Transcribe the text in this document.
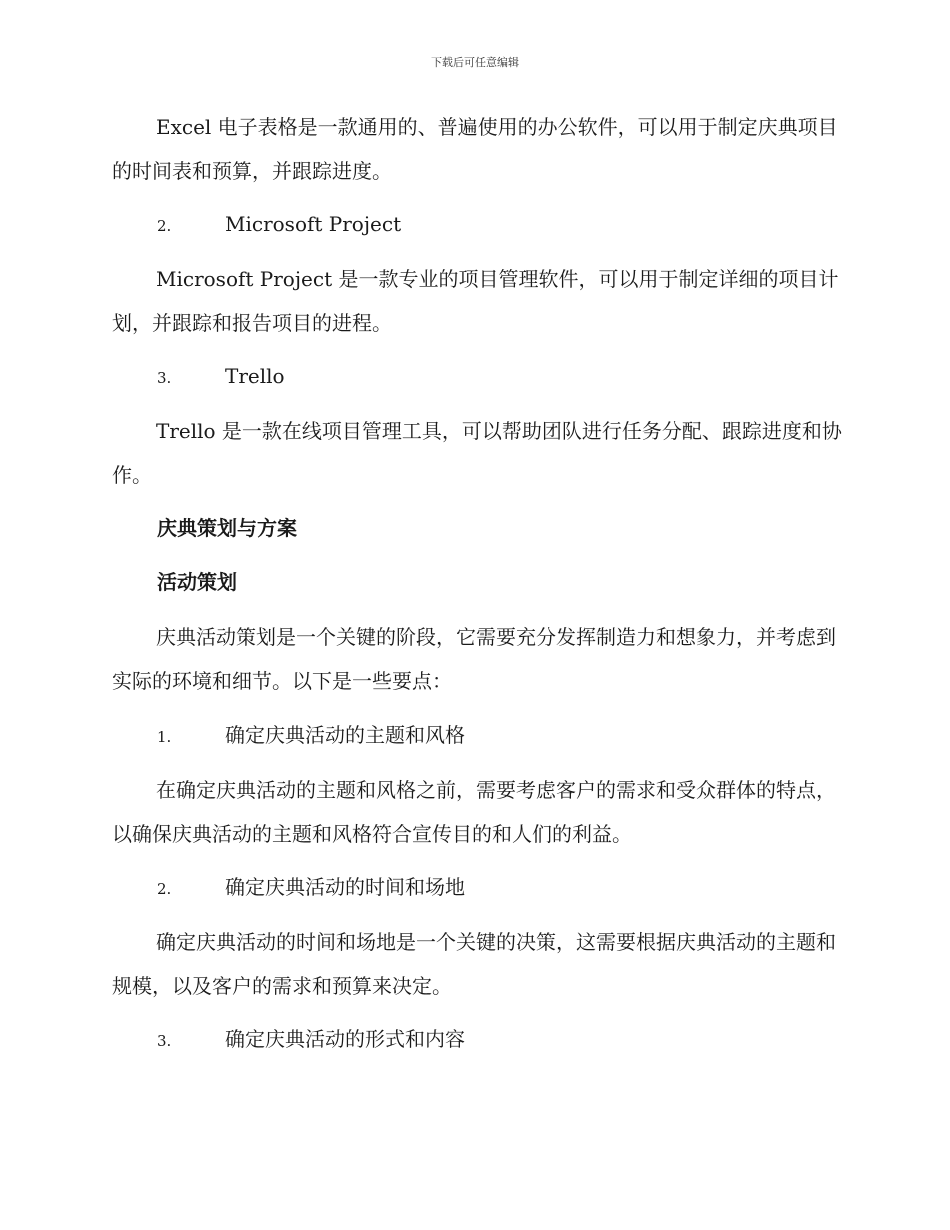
下载后可任意编辑

Excel 电子表格是一款通用的、普遍使用的办公软件，可以用于制定庆典项目的时间表和预算，并跟踪进度。

2.	Microsoft Project

Microsoft Project 是一款专业的项目管理软件，可以用于制定详细的项目计划，并跟踪和报告项目的进程。

3.	Trello

Trello 是一款在线项目管理工具，可以帮助团队进行任务分配、跟踪进度和协作。

庆典策划与方案
活动策划

庆典活动策划是一个关键的阶段，它需要充分发挥制造力和想象力，并考虑到实际的环境和细节。以下是一些要点：

1.	确定庆典活动的主题和风格

在确定庆典活动的主题和风格之前，需要考虑客户的需求和受众群体的特点，以确保庆典活动的主题和风格符合宣传目的和人们的利益。

2.	确定庆典活动的时间和场地

确定庆典活动的时间和场地是一个关键的决策，这需要根据庆典活动的主题和规模，以及客户的需求和预算来决定。

3.	确定庆典活动的形式和内容
